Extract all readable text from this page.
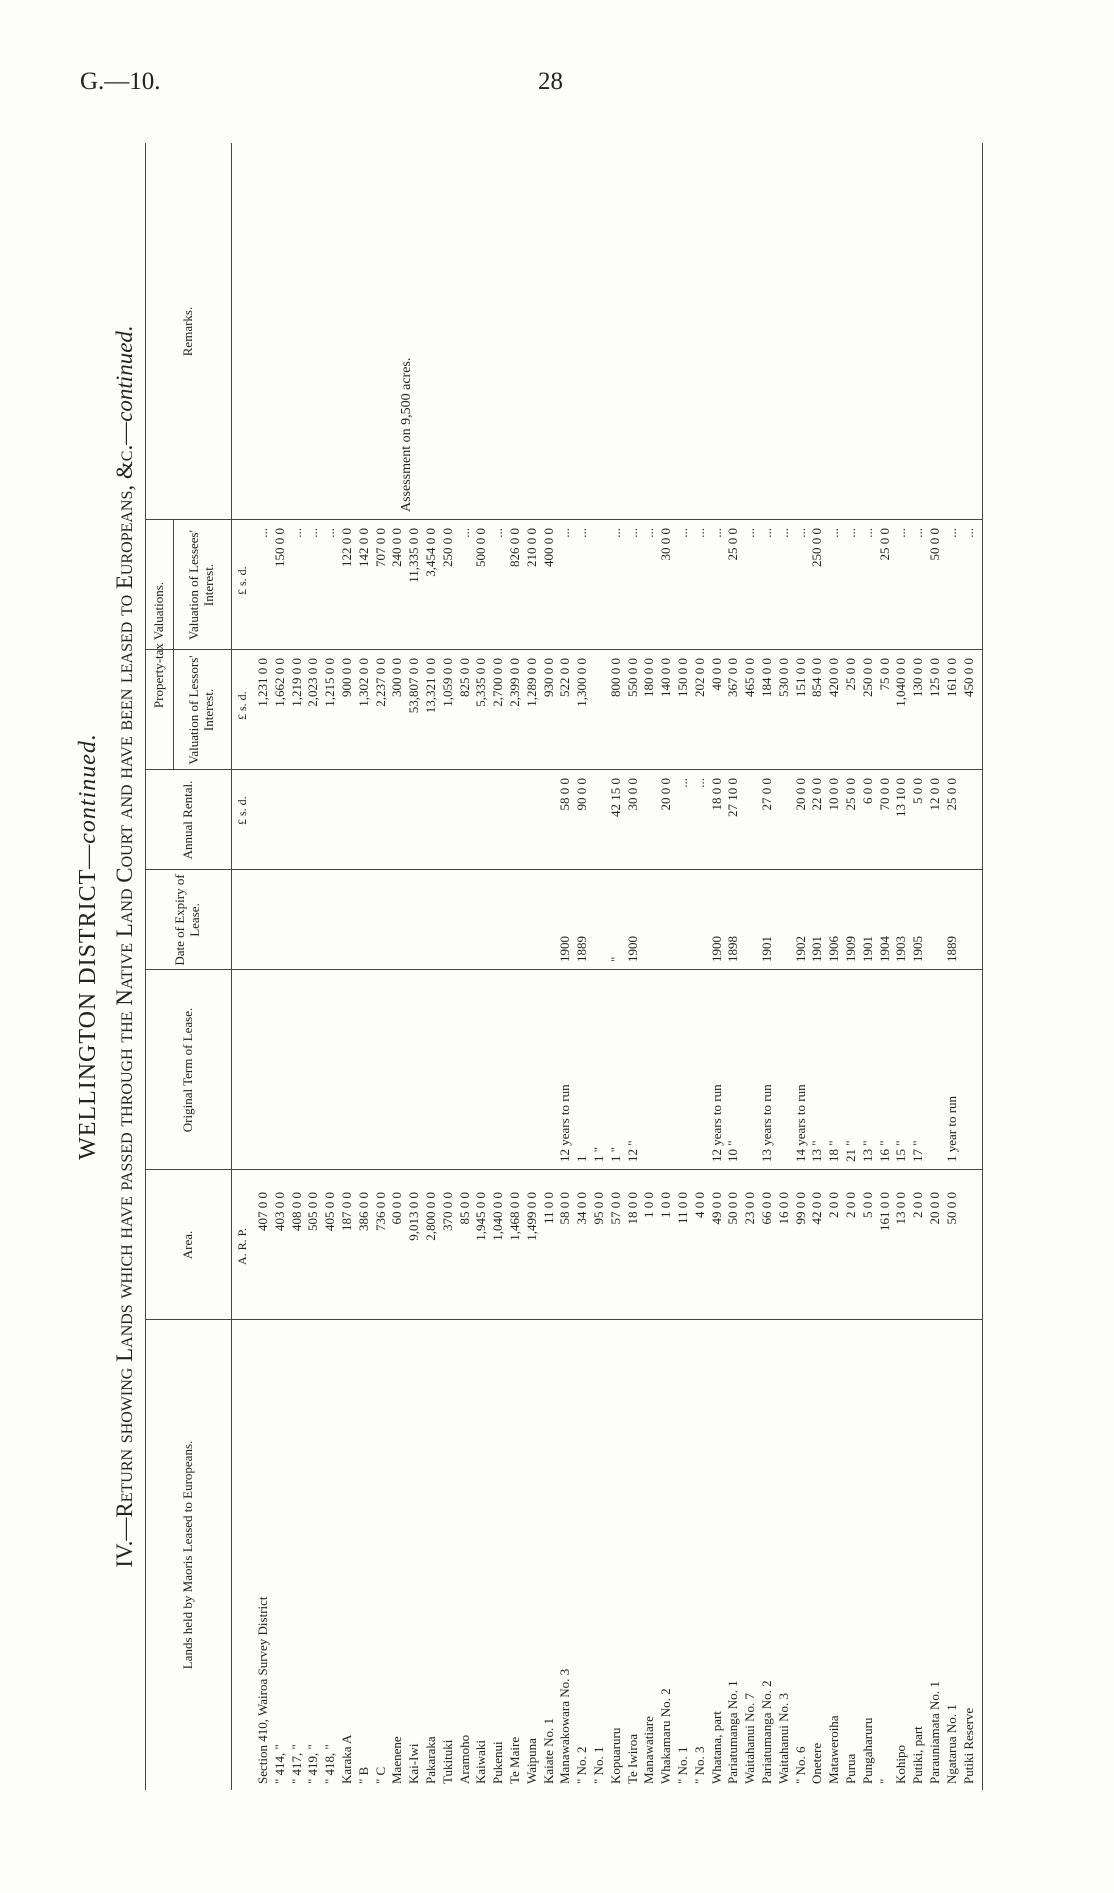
G.—10.	28
WELLINGTON DISTRICT—continued. IV.—Return showing Lands which have passed through the Native Land Court and have been leased to Europeans, &c.—continued.
Lands held by Maoris Leased to Europeans.
Area.
Original Term of Lease.
Date of Expiry of Lease.
Annual Rental.
Property-tax Valuations.
Valuation of Lessors' Interest.
Valuation of Lessees' Interest.
Remarks.
A. R. P.
£ s. d.
£ s. d.
£ s. d.
Section 410, Wairoa Survey District
407 0 0
1,231 0 0
...
" 414, "
403 0 0
1,662 0 0
150 0 0
" 417, "
408 0 0
1,219 0 0
...
" 419, "
505 0 0
2,023 0 0
...
" 418, "
405 0 0
1,215 0 0
...
Karaka A
187 0 0
900 0 0
122 0 0
" B
386 0 0
1,302 0 0
142 0 0
" C
736 0 0
2,237 0 0
707 0 0
Maenene
60 0 0
300 0 0
240 0 0
Kai-Iwi
9,013 0 0
53,807 0 0
11,335 0 0
Pakaraka
2,800 0 0
13,321 0 0
3,454 0 0
Tukituki
370 0 0
1,059 0 0
250 0 0
Aramoho
85 0 0
825 0 0
...
Kaiwaki
1,945 0 0
5,335 0 0
500 0 0
Pukenui
1,040 0 0
2,700 0 0
...
Te Maire
1,468 0 0
2,399 0 0
826 0 0
Waipuna
1,499 0 0
1,289 0 0
210 0 0
Kaiate No. 1
11 0 0
930 0 0
400 0 0
Manawakowara No. 3
58 0 0
12 years to run
1900
58 0 0
522 0 0
...
" No. 2
34 0 0
1
1889
90 0 0
1,300 0 0
...
" No. 1
95 0 0
1 "
Kopuaruru
57 0 0
1 "
"
42 15 0
800 0 0
...
Te Iwiroa
18 0 0
12 "
1900
30 0 0
550 0 0
...
Manawatiare
1 0 0
180 0 0
...
Whakamaru No. 2
1 0 0
20 0 0
140 0 0
30 0 0
" No. 1
11 0 0
...
150 0 0
...
" No. 3
4 0 0
...
202 0 0
...
Whatana, part
49 0 0
12 years to run
1900
18 0 0
40 0 0
...
Pariatumanga No. 1
50 0 0
10 "
1898
27 10 0
367 0 0
25 0 0
Waitahanui No. 7
23 0 0
465 0 0
...
Pariatumanga No. 2
66 0 0
13 years to run
1901
27 0 0
184 0 0
...
Waitahanui No. 3
16 0 0
530 0 0
...
" No. 6
99 0 0
14 years to run
1902
20 0 0
151 0 0
...
Onetere
42 0 0
13 "
1901
22 0 0
854 0 0
250 0 0
Mataweroiha
2 0 0
18 "
1906
10 0 0
420 0 0
...
Purua
2 0 0
21 "
1909
25 0 0
25 0 0
...
Pungaharuru
5 0 0
13 "
1901
6 0 0
250 0 0
...
"
161 0 0
16 "
1904
70 0 0
75 0 0
25 0 0
Kohipo
13 0 0
15 "
1903
13 10 0
1,040 0 0
...
Putiki, part
2 0 0
17 "
1905
5 0 0
130 0 0
...
Parauniamata No. 1
20 0 0
12 0 0
125 0 0
50 0 0
Ngatarua No. 1
50 0 0
1 year to run
1889
25 0 0
161 0 0
...
Putiki Reserve
450 0 0
...
Assessment on 9,500 acres.
